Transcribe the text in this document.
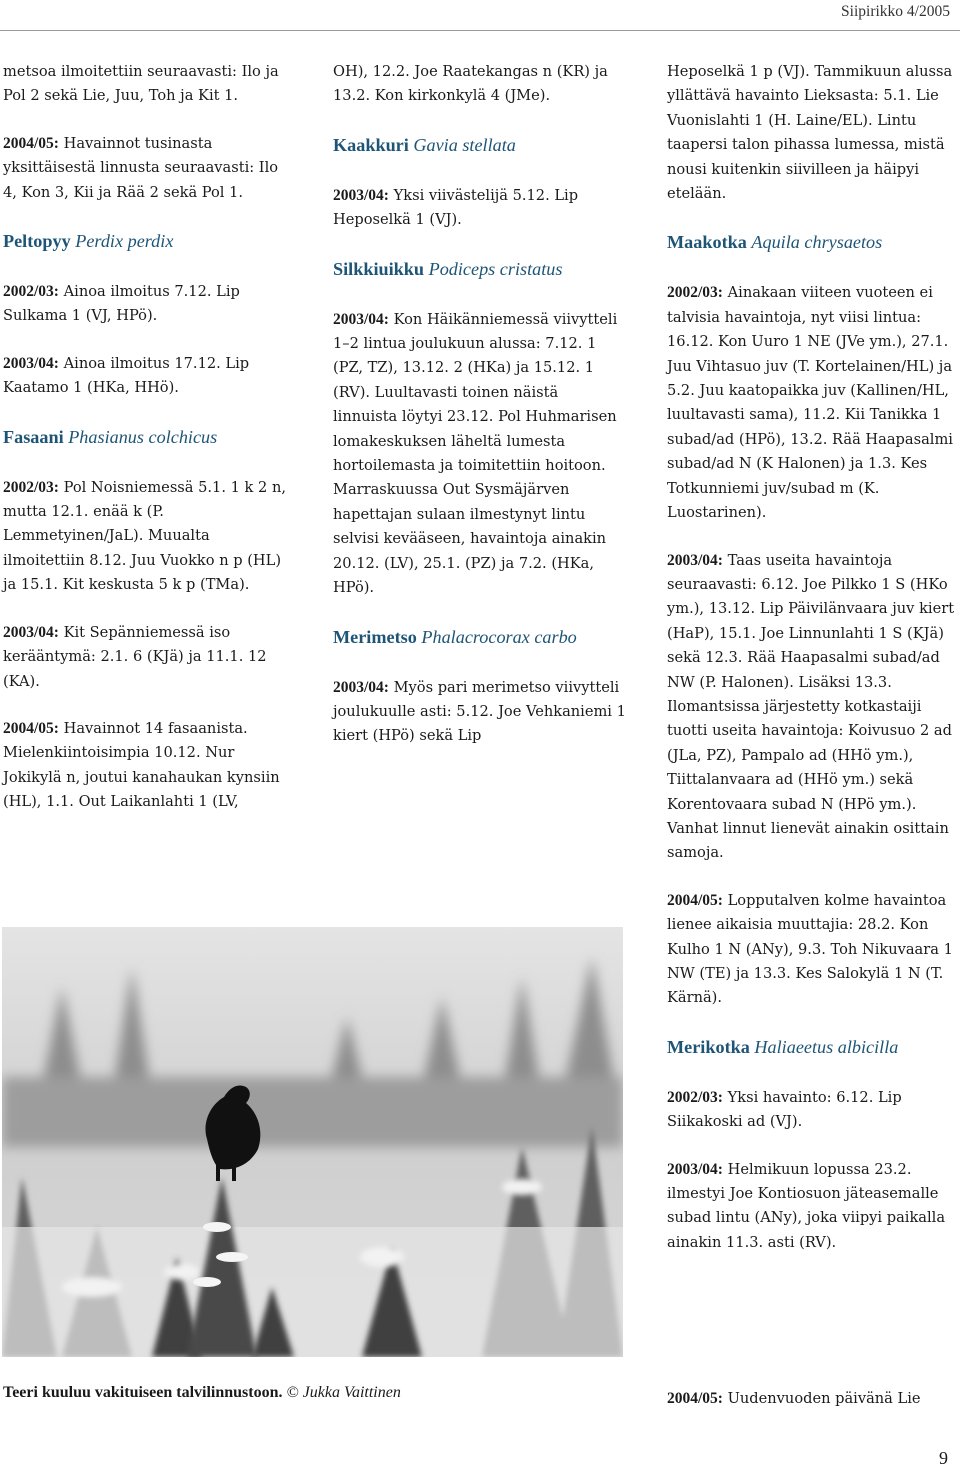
Siipirikko 4/2005

metsoa ilmoitettiin seuraavasti: Ilo ja Pol 2 sekä Lie, Juu, Toh ja Kit 1.

2004/05: Havainnot tusinasta yksittäisestä linnusta seuraavasti: Ilo 4, Kon 3, Kii ja Rää 2 sekä Pol 1.

Peltopyy Perdix perdix

2002/03: Ainoa ilmoitus 7.12. Lip Sulkama 1 (VJ, HPö).

2003/04: Ainoa ilmoitus 17.12. Lip Kaatamo 1 (HKa, HHö).

Fasaani Phasianus colchicus

2002/03: Pol Noisniemessä 5.1. 1 k 2 n, mutta 12.1. enää k (P. Lemmetyinen/JaL). Muualta ilmoitettiin 8.12. Juu Vuokko n p (HL) ja 15.1. Kit keskusta 5 k p (TMa).

2003/04: Kit Sepänniemessä iso kerääntymä: 2.1. 6 (KJä) ja 11.1. 12 (KA).

2004/05: Havainnot 14 fasaanista. Mielenkiintoisimpia 10.12. Nur Jokikylä n, joutui kanahaukan kynsiin (HL), 1.1. Out Laikanlahti 1 (LV,

OH), 12.2. Joe Raatekangas n (KR) ja 13.2. Kon kirkonkylä 4 (JMe).

Kaakkuri Gavia stellata

2003/04: Yksi viivästelijä 5.12. Lip Heposelkä 1 (VJ).

Silkkiuikku Podiceps cristatus

2003/04: Kon Häikänniemessä viivytteli 1–2 lintua joulukuun alussa: 7.12. 1 (PZ, TZ), 13.12. 2 (HKa) ja 15.12. 1 (RV). Luultavasti toinen näistä linnuista löytyi 23.12. Pol Huhmarisen lomakeskuksen läheltä lumesta hortoilemasta ja toimitettiin hoitoon. Marraskuussa Out Sysmäjärven hapettajan sulaan ilmestynyt lintu selvisi kevääseen, havaintoja ainakin 20.12. (LV), 25.1. (PZ) ja 7.2. (HKa, HPö).

Merimetso Phalacrocorax carbo

2003/04: Myös pari merimetso viivytteli joulukuulle asti: 5.12. Joe Vehkaniemi 1 kiert (HPö) sekä Lip

Heposelkä 1 p (VJ). Tammikuun alussa yllättävä havainto Lieksasta: 5.1. Lie Vuonislahti 1 (H. Laine/EL). Lintu taapersi talon pihassa lumessa, mistä nousi kuitenkin siivilleen ja häipyi etelään.

Maakotka Aquila chrysaetos

2002/03: Ainakaan viiteen vuoteen ei talvisia havaintoja, nyt viisi lintua: 16.12. Kon Uuro 1 NE (JVe ym.), 27.1. Juu Vihtasuo juv (T. Kortelainen/HL) ja 5.2. Juu kaatopaikka juv (Kallinen/HL, luultavasti sama), 11.2. Kii Tanikka 1 subad/ad (HPö), 13.2. Rää Haapasalmi subad/ad N (K Halonen) ja 1.3. Kes Totkunniemi juv/subad m (K. Luostarinen).

2003/04: Taas useita havaintoja seuraavasti: 6.12. Joe Pilkko 1 S (HKo ym.), 13.12. Lip Päivilänvaara juv kiert (HaP), 15.1. Joe Linnunlahti 1 S (KJä) sekä 12.3. Rää Haapasalmi subad/ad NW (P. Halonen). Lisäksi 13.3. Ilomantsissa järjestetty kotkastaiji tuotti useita havaintoja: Koivusuo 2 ad (JLa, PZ), Pampalo ad (HHö ym.), Tiittalanvaara ad (HHö ym.) sekä Korentovaara subad N (HPö ym.). Vanhat linnut lienevät ainakin osittain samoja.

2004/05: Lopputalven kolme havaintoa lienee aikaisia muuttajia: 28.2. Kon Kulho 1 N (ANy), 9.3. Toh Nikuvaara 1 NW (TE) ja 13.3. Kes Salokylä 1 N (T. Kärnä).

Merikotka Haliaeetus albicilla

2002/03: Yksi havainto: 6.12. Lip Siikakoski ad (VJ).

2003/04: Helmikuun lopussa 23.2. ilmestyi Joe Kontiosuon jäteasemalle subad lintu (ANy), joka viipyi paikalla ainakin 11.3. asti (RV).

2004/05: Uudenvuoden päivänä Lie

Teeri kuuluu vakituiseen talvilinnustoon. © Jukka Vaittinen
9
